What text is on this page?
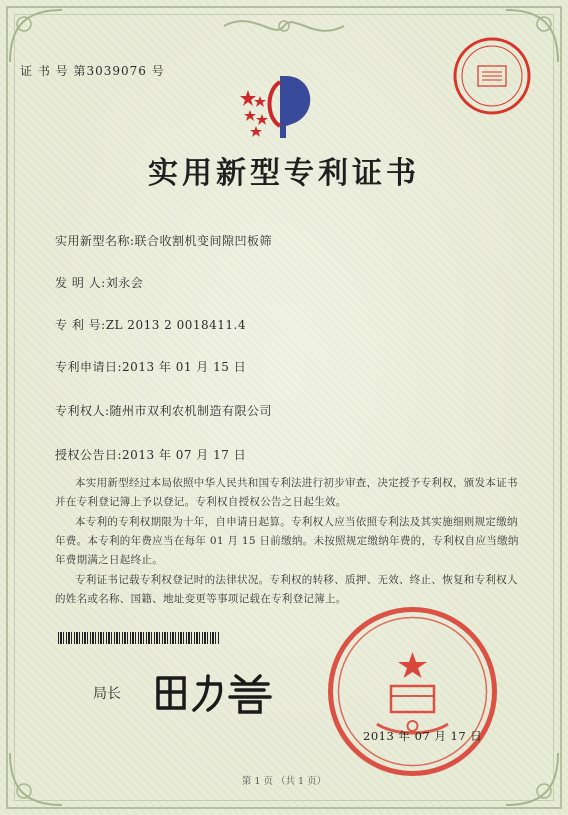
证 书 号 第3039076 号
实用新型专利证书
实用新型名称:联合收割机变间隙凹板筛
发 明 人:刘永会
专 利 号:ZL 2013 2 0018411.4
专利申请日:2013 年 01 月 15 日
专利权人:随州市双利农机制造有限公司
授权公告日:2013 年 07 月 17 日
本实用新型经过本局依照中华人民共和国专利法进行初步审查，决定授予专利权，颁发本证书并在专利登记簿上予以登记。专利权自授权公告之日起生效。
本专利的专利权期限为十年，自申请日起算。专利权人应当依照专利法及其实施细则规定缴纳年费。本专利的年费应当在每年 01 月 15 日前缴纳。未按照规定缴纳年费的，专利权自应当缴纳年费期满之日起终止。
专利证书记载专利权登记时的法律状况。专利权的转移、质押、无效、终止、恢复和专利权人的姓名或名称、国籍、地址变更等事项记载在专利登记簿上。
局长
2013 年 07 月 17 日
第 1 页 （共 1 页）
